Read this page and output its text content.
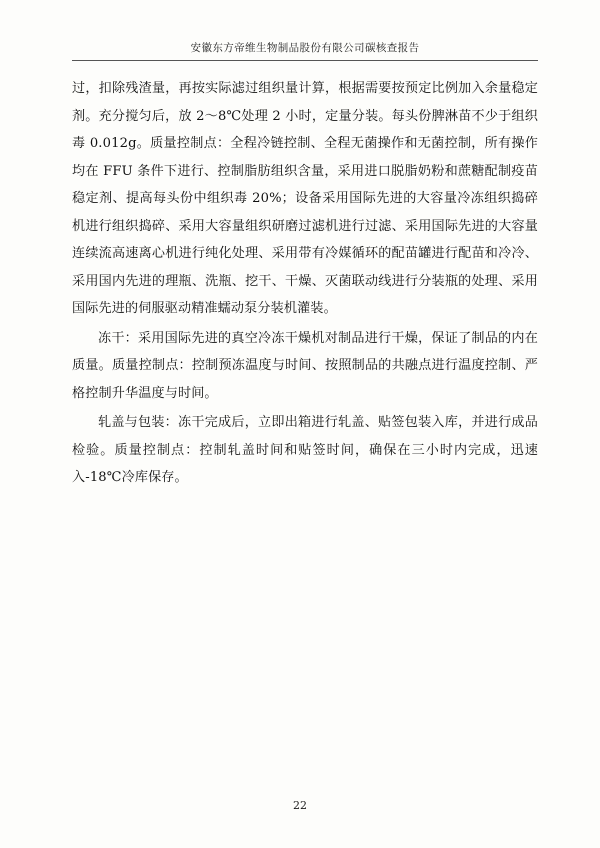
安徽东方帝维生物制品股份有限公司碳核查报告

过，扣除残渣量，再按实际滤过组织量计算，根据需要按预定比例加入余量稳定剂。充分搅匀后，放 2～8℃处理 2 小时，定量分装。每头份脾淋苗不少于组织毒 0.012g。质量控制点：全程冷链控制、全程无菌操作和无菌控制，所有操作均在 FFU 条件下进行、控制脂肪组织含量，采用进口脱脂奶粉和蔗糖配制疫苗稳定剂、提高每头份中组织毒 20%；设备采用国际先进的大容量冷冻组织捣碎机进行组织捣碎、采用大容量组织研磨过滤机进行过滤、采用国际先进的大容量连续流高速离心机进行纯化处理、采用带有冷媒循环的配苗罐进行配苗和冷冷、采用国内先进的理瓶、洗瓶、挖干、干燥、灭菌联动线进行分装瓶的处理、采用国际先进的伺服驱动精准蠕动泵分装机灌装。

冻干：采用国际先进的真空冷冻干燥机对制品进行干燥，保证了制品的内在质量。质量控制点：控制预冻温度与时间、按照制品的共融点进行温度控制、严格控制升华温度与时间。

轧盖与包装：冻干完成后，立即出箱进行轧盖、贴签包装入库，并进行成品检验。质量控制点：控制轧盖时间和贴签时间，确保在三小时内完成，迅速入-18℃冷库保存。

22
